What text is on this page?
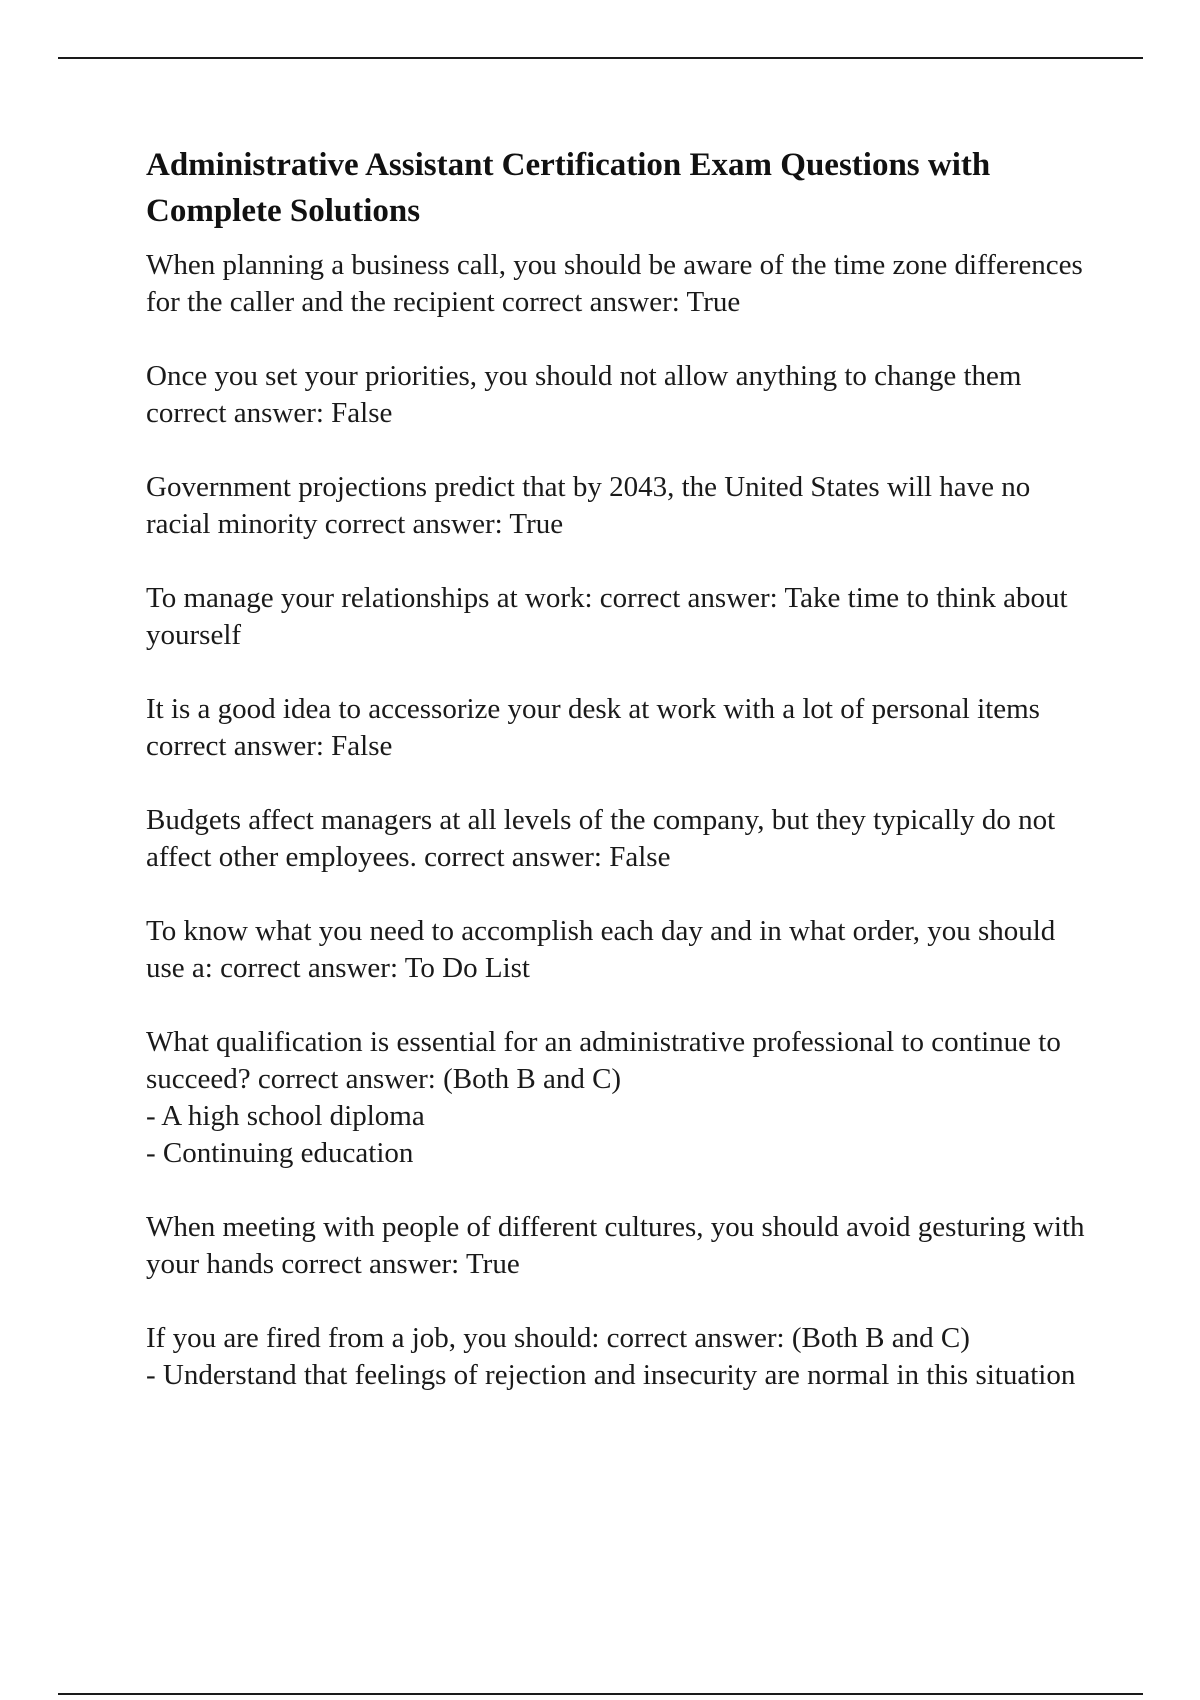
Administrative Assistant Certification Exam Questions with Complete Solutions
When planning a business call, you should be aware of the time zone differences for the caller and the recipient correct answer: True
Once you set your priorities, you should not allow anything to change them correct answer: False
Government projections predict that by 2043, the United States will have no racial minority correct answer: True
To manage your relationships at work: correct answer: Take time to think about yourself
It is a good idea to accessorize your desk at work with a lot of personal items correct answer: False
Budgets affect managers at all levels of the company, but they typically do not affect other employees. correct answer: False
To know what you need to accomplish each day and in what order, you should use a: correct answer: To Do List
What qualification is essential for an administrative professional to continue to succeed? correct answer: (Both B and C)
- A high school diploma
- Continuing education
When meeting with people of different cultures, you should avoid gesturing with your hands correct answer: True
If you are fired from a job, you should: correct answer: (Both B and C)
- Understand that feelings of rejection and insecurity are normal in this situation
